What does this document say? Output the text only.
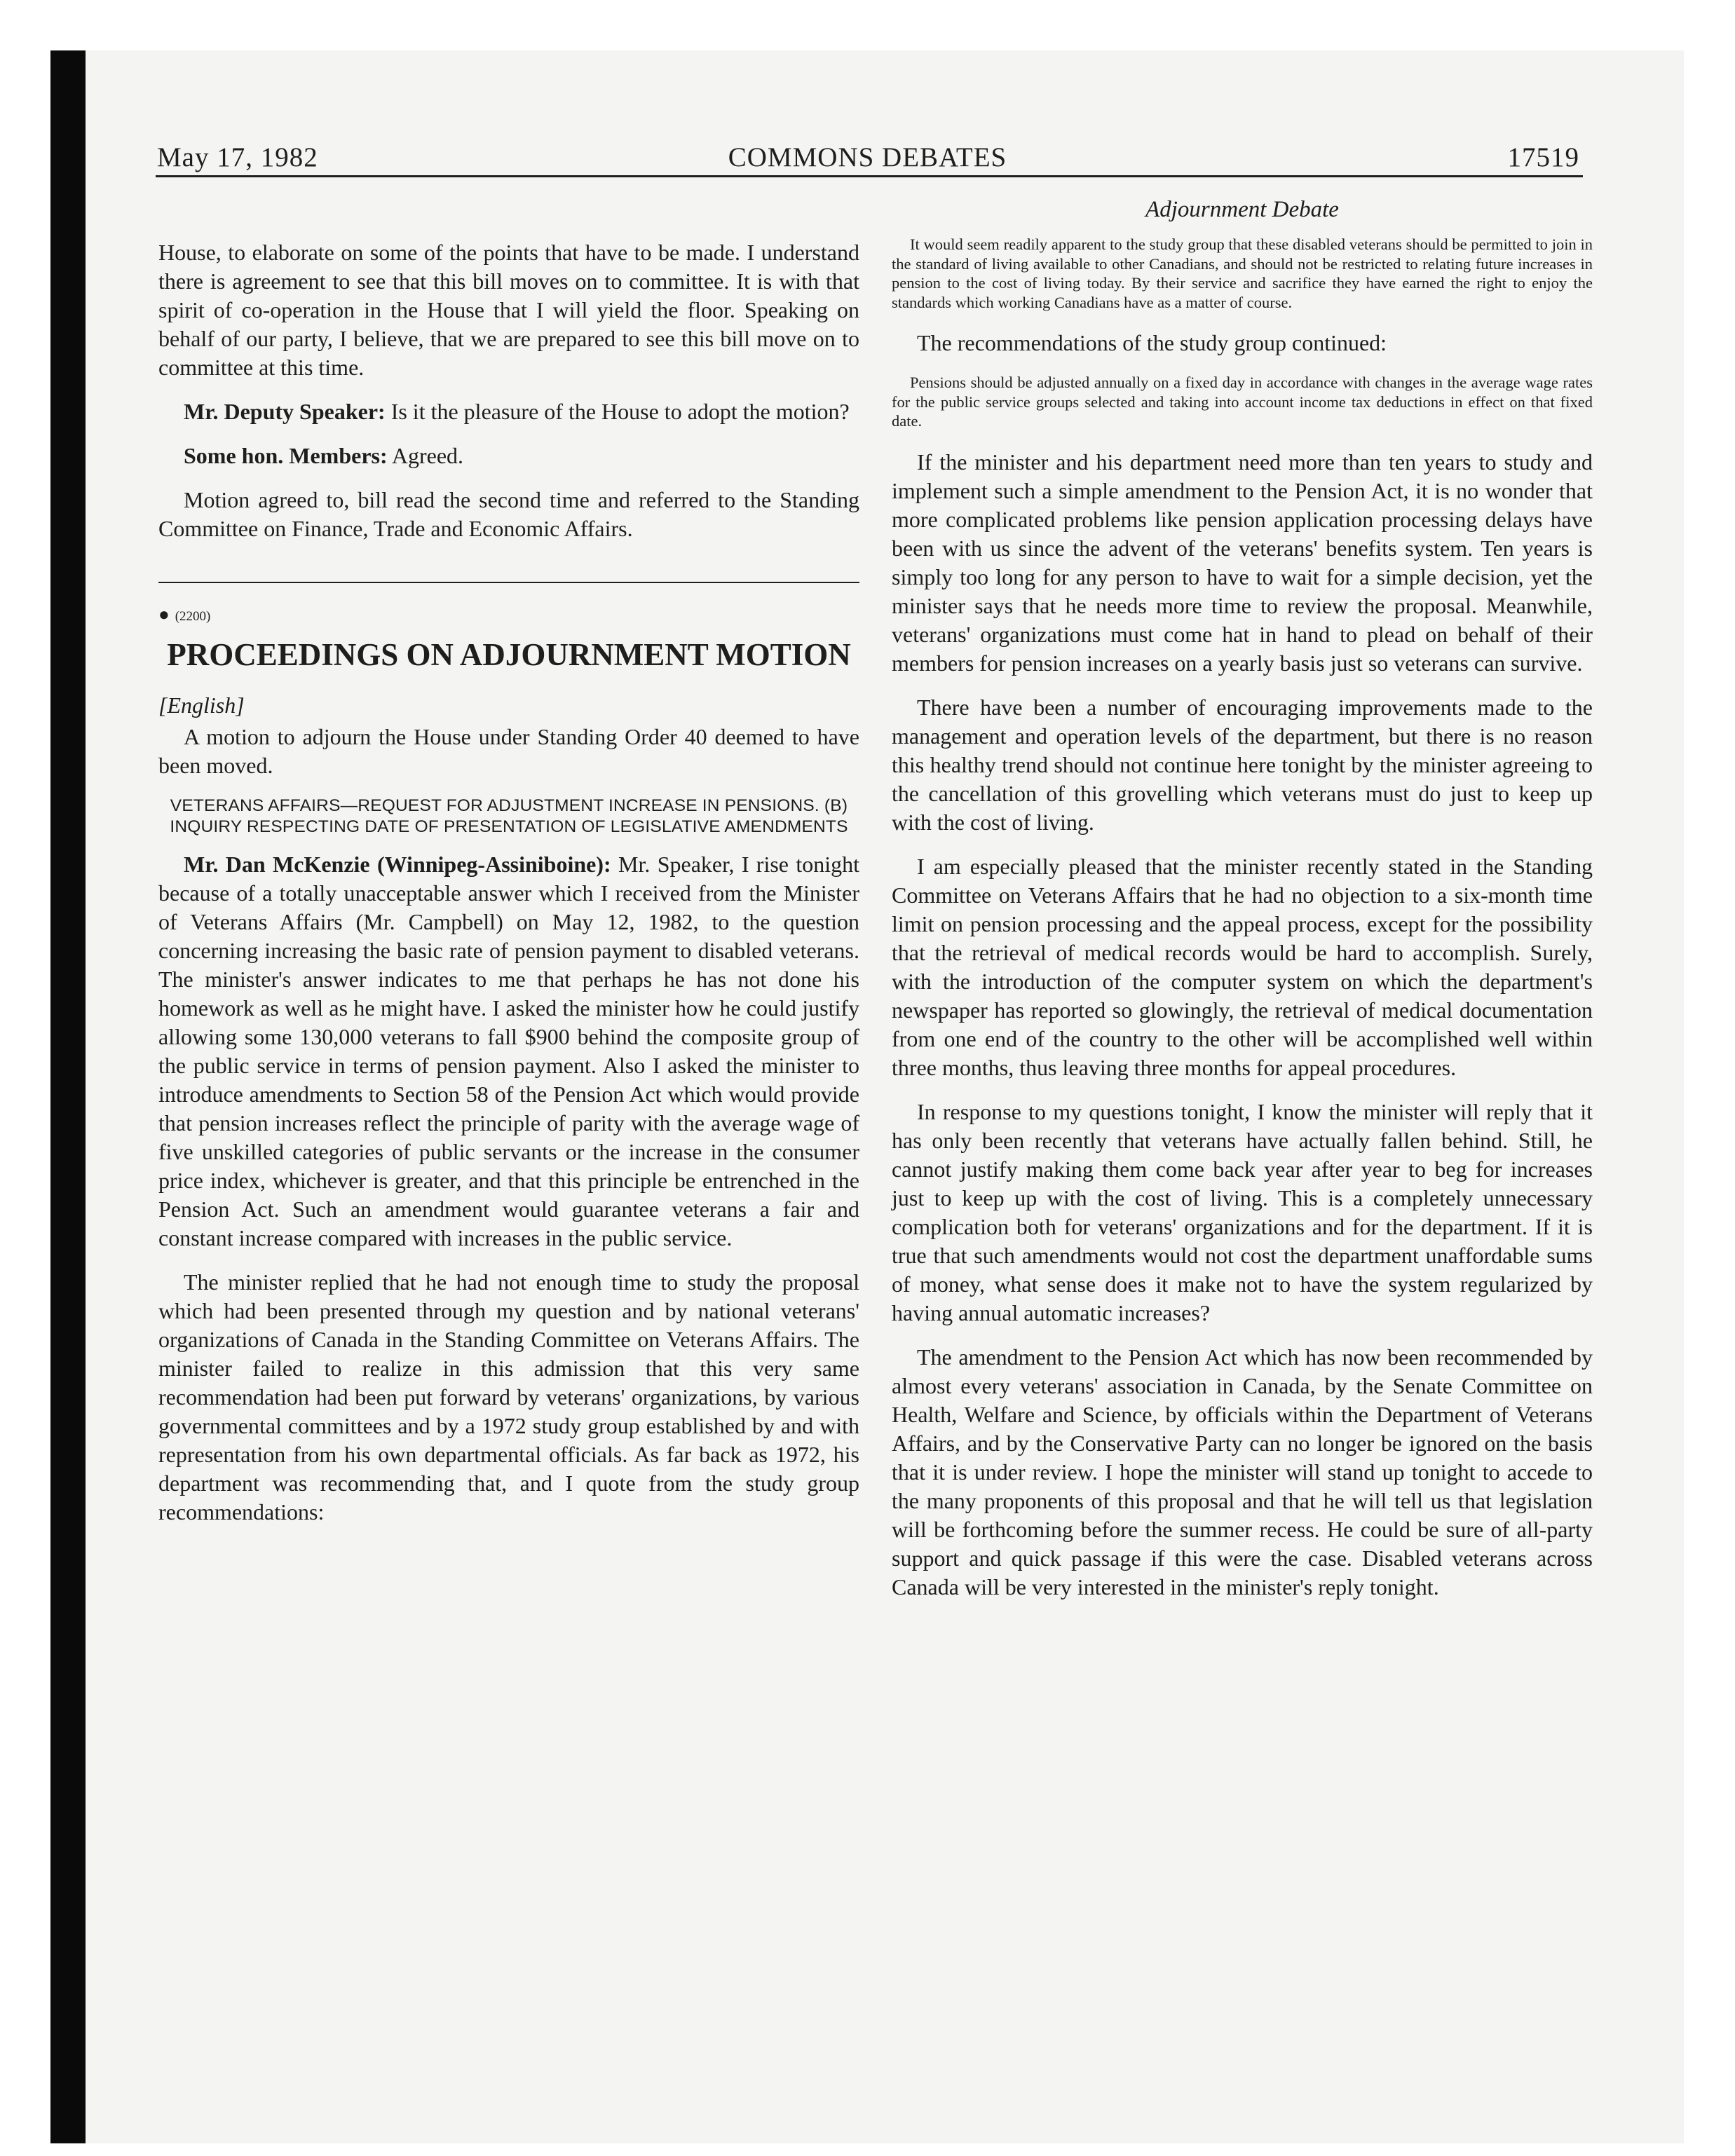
COMMONS DEBATES
May 17, 1982	17519

House, to elaborate on some of the points that have to be made. I understand there is agreement to see that this bill moves on to committee. It is with that spirit of co-operation in the House that I will yield the floor. Speaking on behalf of our party, I believe, that we are prepared to see this bill move on to committee at this time.

Mr. Deputy Speaker: Is it the pleasure of the House to adopt the motion?

Some hon. Members: Agreed.

Motion agreed to, bill read the second time and referred to the Standing Committee on Finance, Trade and Economic Affairs.

● (2200)
PROCEEDINGS ON ADJOURNMENT MOTION
[English]

A motion to adjourn the House under Standing Order 40 deemed to have been moved.

VETERANS AFFAIRS—REQUEST FOR ADJUSTMENT INCREASE IN PENSIONS. (B) INQUIRY RESPECTING DATE OF PRESENTATION OF LEGISLATIVE AMENDMENTS

Mr. Dan McKenzie (Winnipeg-Assiniboine): Mr. Speaker, I rise tonight because of a totally unacceptable answer which I received from the Minister of Veterans Affairs (Mr. Campbell) on May 12, 1982, to the question concerning increasing the basic rate of pension payment to disabled veterans. The minister's answer indicates to me that perhaps he has not done his homework as well as he might have. I asked the minister how he could justify allowing some 130,000 veterans to fall $900 behind the composite group of the public service in terms of pension payment. Also I asked the minister to introduce amendments to Section 58 of the Pension Act which would provide that pension increases reflect the principle of parity with the average wage of five unskilled categories of public servants or the increase in the consumer price index, whichever is greater, and that this principle be entrenched in the Pension Act. Such an amendment would guarantee veterans a fair and constant increase compared with increases in the public service.

The minister replied that he had not enough time to study the proposal which had been presented through my question and by national veterans' organizations of Canada in the Standing Committee on Veterans Affairs. The minister failed to realize in this admission that this very same recommendation had been put forward by veterans' organizations, by various governmental committees and by a 1972 study group established by and with representation from his own departmental officials. As far back as 1972, his department was recommending that, and I quote from the study group recommendations:

Adjournment Debate

It would seem readily apparent to the study group that these disabled veterans should be permitted to join in the standard of living available to other Canadians, and should not be restricted to relating future increases in pension to the cost of living today. By their service and sacrifice they have earned the right to enjoy the standards which working Canadians have as a matter of course.

The recommendations of the study group continued:

Pensions should be adjusted annually on a fixed day in accordance with changes in the average wage rates for the public service groups selected and taking into account income tax deductions in effect on that fixed date.

If the minister and his department need more than ten years to study and implement such a simple amendment to the Pension Act, it is no wonder that more complicated problems like pension application processing delays have been with us since the advent of the veterans' benefits system. Ten years is simply too long for any person to have to wait for a simple decision, yet the minister says that he needs more time to review the proposal. Meanwhile, veterans' organizations must come hat in hand to plead on behalf of their members for pension increases on a yearly basis just so veterans can survive.

There have been a number of encouraging improvements made to the management and operation levels of the department, but there is no reason this healthy trend should not continue here tonight by the minister agreeing to the cancellation of this grovelling which veterans must do just to keep up with the cost of living.

I am especially pleased that the minister recently stated in the Standing Committee on Veterans Affairs that he had no objection to a six-month time limit on pension processing and the appeal process, except for the possibility that the retrieval of medical records would be hard to accomplish. Surely, with the introduction of the computer system on which the department's newspaper has reported so glowingly, the retrieval of medical documentation from one end of the country to the other will be accomplished well within three months, thus leaving three months for appeal procedures.

In response to my questions tonight, I know the minister will reply that it has only been recently that veterans have actually fallen behind. Still, he cannot justify making them come back year after year to beg for increases just to keep up with the cost of living. This is a completely unnecessary complication both for veterans' organizations and for the department. If it is true that such amendments would not cost the department unaffordable sums of money, what sense does it make not to have the system regularized by having annual automatic increases?

The amendment to the Pension Act which has now been recommended by almost every veterans' association in Canada, by the Senate Committee on Health, Welfare and Science, by officials within the Department of Veterans Affairs, and by the Conservative Party can no longer be ignored on the basis that it is under review. I hope the minister will stand up tonight to accede to the many proponents of this proposal and that he will tell us that legislation will be forthcoming before the summer recess. He could be sure of all-party support and quick passage if this were the case. Disabled veterans across Canada will be very interested in the minister's reply tonight.
